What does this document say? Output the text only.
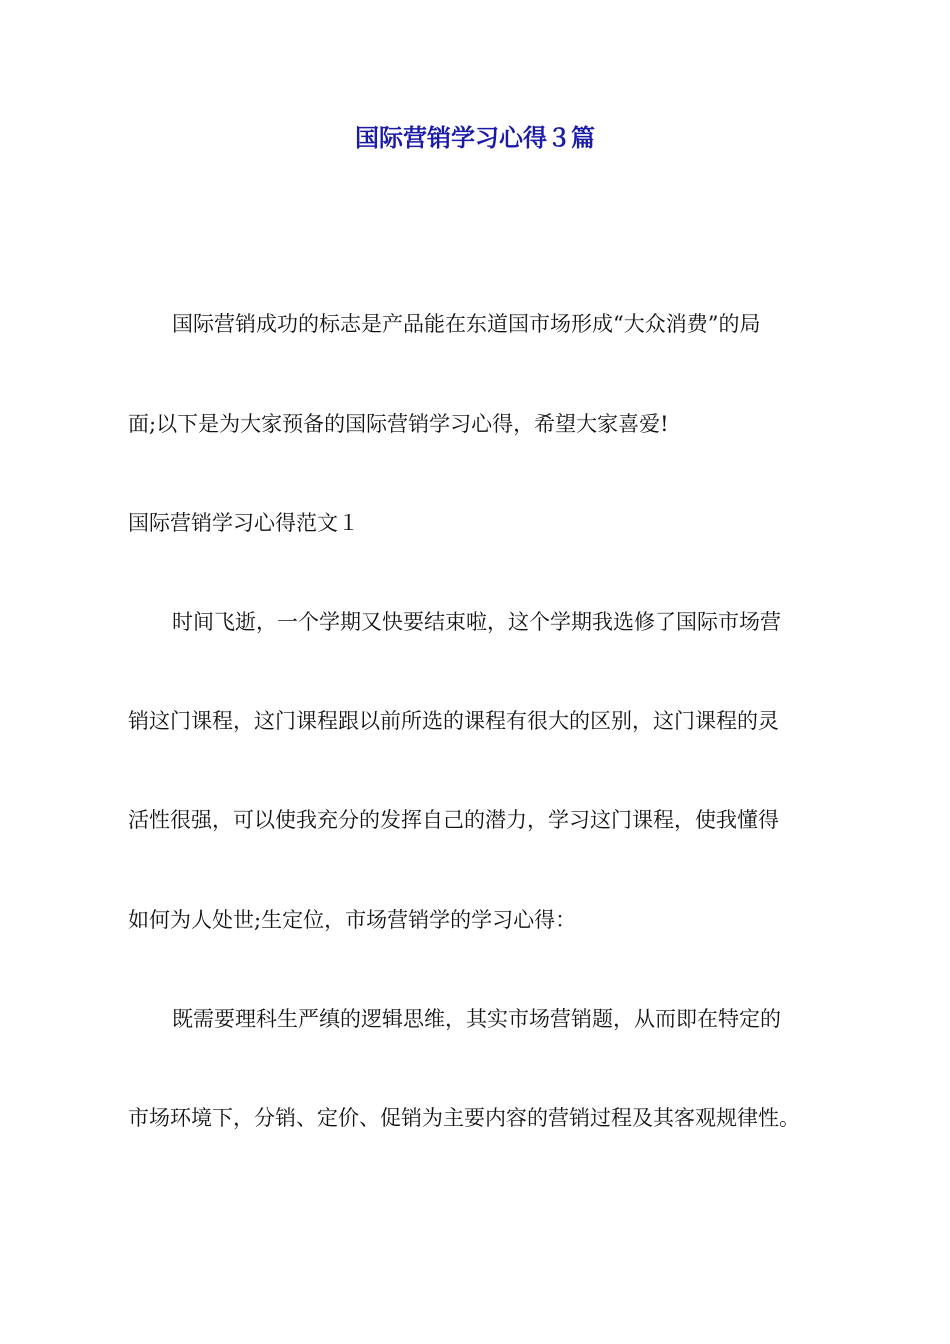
国际营销学习心得３篇

国际营销成功的标志是产品能在东道国市场形成“大众消费”的局

面;以下是为大家预备的国际营销学习心得，希望大家喜爱!

国际营销学习心得范文１

时间飞逝，一个学期又快要结束啦，这个学期我选修了国际市场营

销这门课程，这门课程跟以前所选的课程有很大的区别，这门课程的灵

活性很强，可以使我充分的发挥自己的潜力，学习这门课程，使我懂得

如何为人处世;生定位，市场营销学的学习心得：

既需要理科生严缜的逻辑思维，其实市场营销题，从而即在特定的

市场环境下，分销、定价、促销为主要内容的营销过程及其客观规律性。
